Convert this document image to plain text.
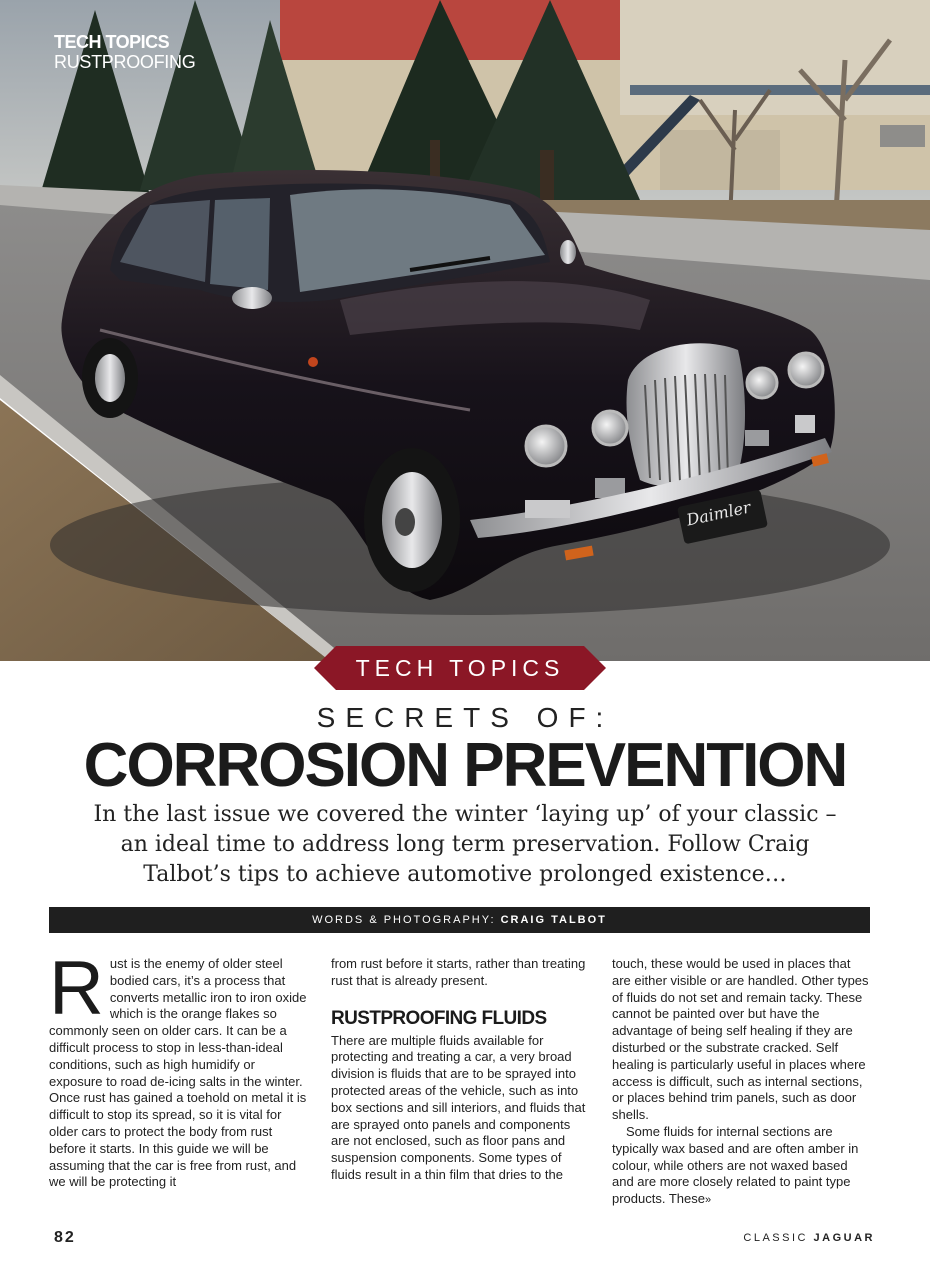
TECH TOPICS
RUSTPROOFING
Daimler
TECH TOPICS
SECRETS OF:
CORROSION PREVENTION
In the last issue we covered the winter ‘laying up’ of your classic – an ideal time to address long term preservation. Follow Craig Talbot’s tips to achieve automotive prolonged existence…
WORDS & PHOTOGRAPHY: CRAIG TALBOT

Rust is the enemy of older steel bodied cars, it’s a process that converts metallic iron to iron oxide which is the orange flakes so commonly seen on older cars. It can be a difficult process to stop in less-than-ideal conditions, such as high humidify or exposure to road de-icing salts in the winter. Once rust has gained a toehold on metal it is difficult to stop its spread, so it is vital for older cars to protect the body from rust before it starts. In this guide we will be assuming that the car is free from rust, and we will be protecting it

from rust before it starts, rather than treating rust that is already present.

RUSTPROOFING FLUIDS

There are multiple fluids available for protecting and treating a car, a very broad division is fluids that are to be sprayed into protected areas of the vehicle, such as into box sections and sill interiors, and fluids that are sprayed onto panels and components are not enclosed, such as floor pans and suspension components. Some types of fluids result in a thin film that dries to the

touch, these would be used in places that are either visible or are handled. Other types of fluids do not set and remain tacky. These cannot be painted over but have the advantage of being self healing if they are disturbed or the substrate cracked. Self healing is particularly useful in places where access is difficult, such as internal sections, or places behind trim panels, such as door shells.

Some fluids for internal sections are typically wax based and are often amber in colour, while others are not waxed based and are more closely related to paint type products. These»

82	CLASSIC JAGUAR
